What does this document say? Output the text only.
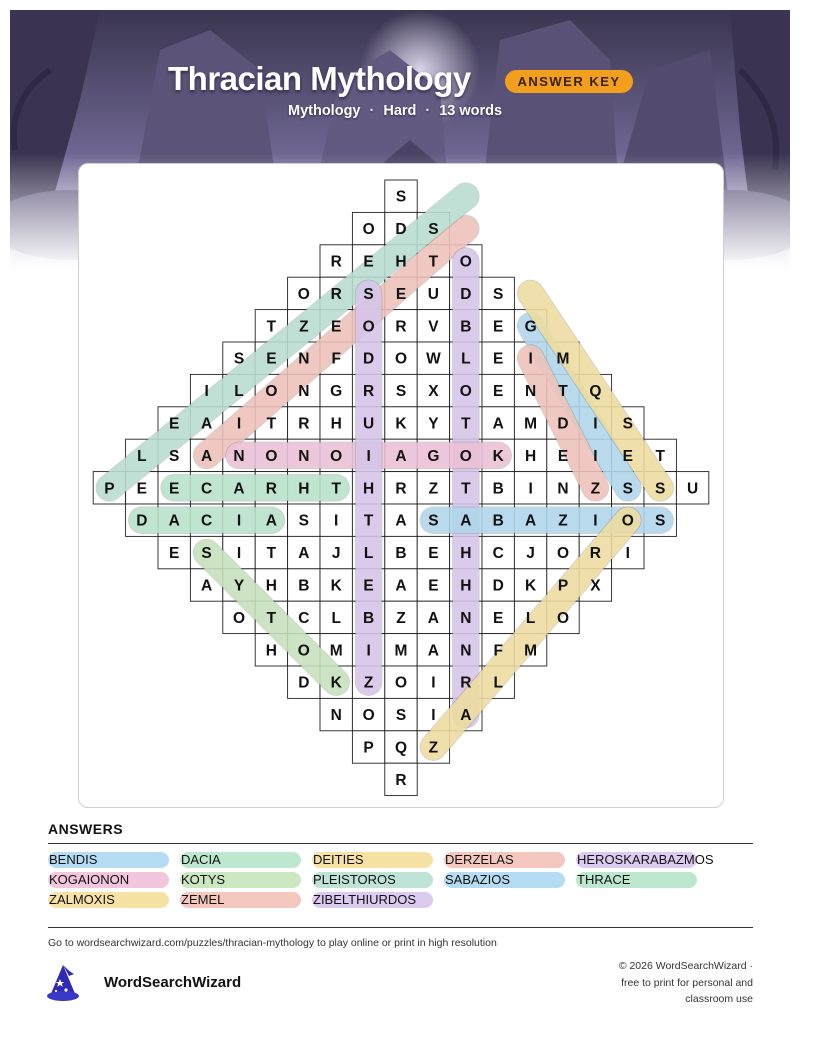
Thracian Mythology	ANSWER KEY
Mythology · Hard · 13 words
S
O D S
R E H T O
O R S E U D S
T Z E O R V B E G
S E N F D O W L E I M
I L O N G R S X O E N T Q
E A I T R H U K Y T A M D I S
L S A N O N O I A G O K H E I E T
P E E C A R H T H R Z T B I N Z S S U
D A C I A S I T A S A B A Z I O S
E S I T A J L B E H C J O R I
A Y H B K E A E H D K P X
O T C L B Z A N E L O
H O M I M A N F M
D K Z O I R L
N O S I A
P Q Z
R
ANSWERS
BENDIS	DACIA	DEITIES	DERZELAS	HEROSKARABAZMOS
KOGAIONON	KOTYS	PLEISTOROS	SABAZIOS	THRACE
ZALMOXIS	ZEMEL	ZIBELTHIURDOS
Go to wordsearchwizard.com/puzzles/thracian-mythology to play online or print in high resolution
WordSearchWizard
© 2026 WordSearchWizard ·
free to print for personal and
classroom use
